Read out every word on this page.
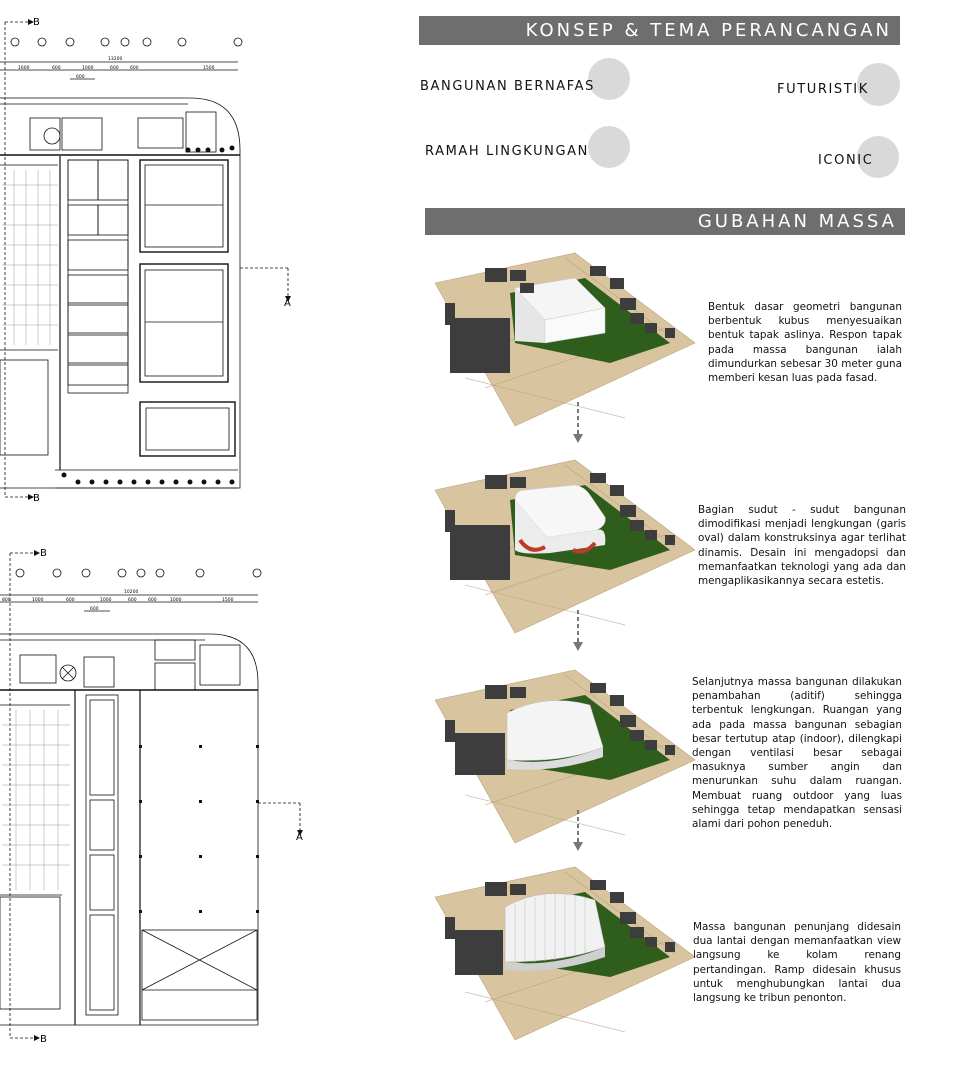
B
B
A
13200
1600	600	1000	600	600	1500
600
B
B
A
10200
800	1000	600	1000	600	600	1000	1500
600
KONSEP & TEMA PERANCANGAN
BANGUNAN BERNAFAS	FUTURISTIK
RAMAH LINGKUNGAN
ICONIC
GUBAHAN MASSA
Bentuk dasar geometri bangunan berbentuk kubus menyesuaikan bentuk tapak aslinya. Respon tapak pada massa bangunan ialah dimundurkan sebesar 30 meter guna memberi kesan luas pada fasad.
Bagian sudut - sudut bangunan dimodifikasi menjadi lengkungan (garis oval) dalam konstruksinya agar terlihat dinamis. Desain ini mengadopsi dan memanfaatkan teknologi yang ada dan mengaplikasikannya secara estetis.
Selanjutnya massa bangunan dilakukan penambahan (aditif) sehingga terbentuk lengkungan. Ruangan yang ada pada massa bangunan sebagian besar tertutup atap (indoor), dilengkapi dengan ventilasi besar sebagai masuknya sumber angin dan menurunkan suhu dalam ruangan. Membuat ruang outdoor yang luas sehingga tetap mendapatkan sensasi alami dari pohon peneduh.
Massa bangunan penunjang didesain dua lantai dengan memanfaatkan view langsung ke kolam renang pertandingan. Ramp didesain khusus untuk menghubungkan lantai dua langsung ke tribun penonton.
